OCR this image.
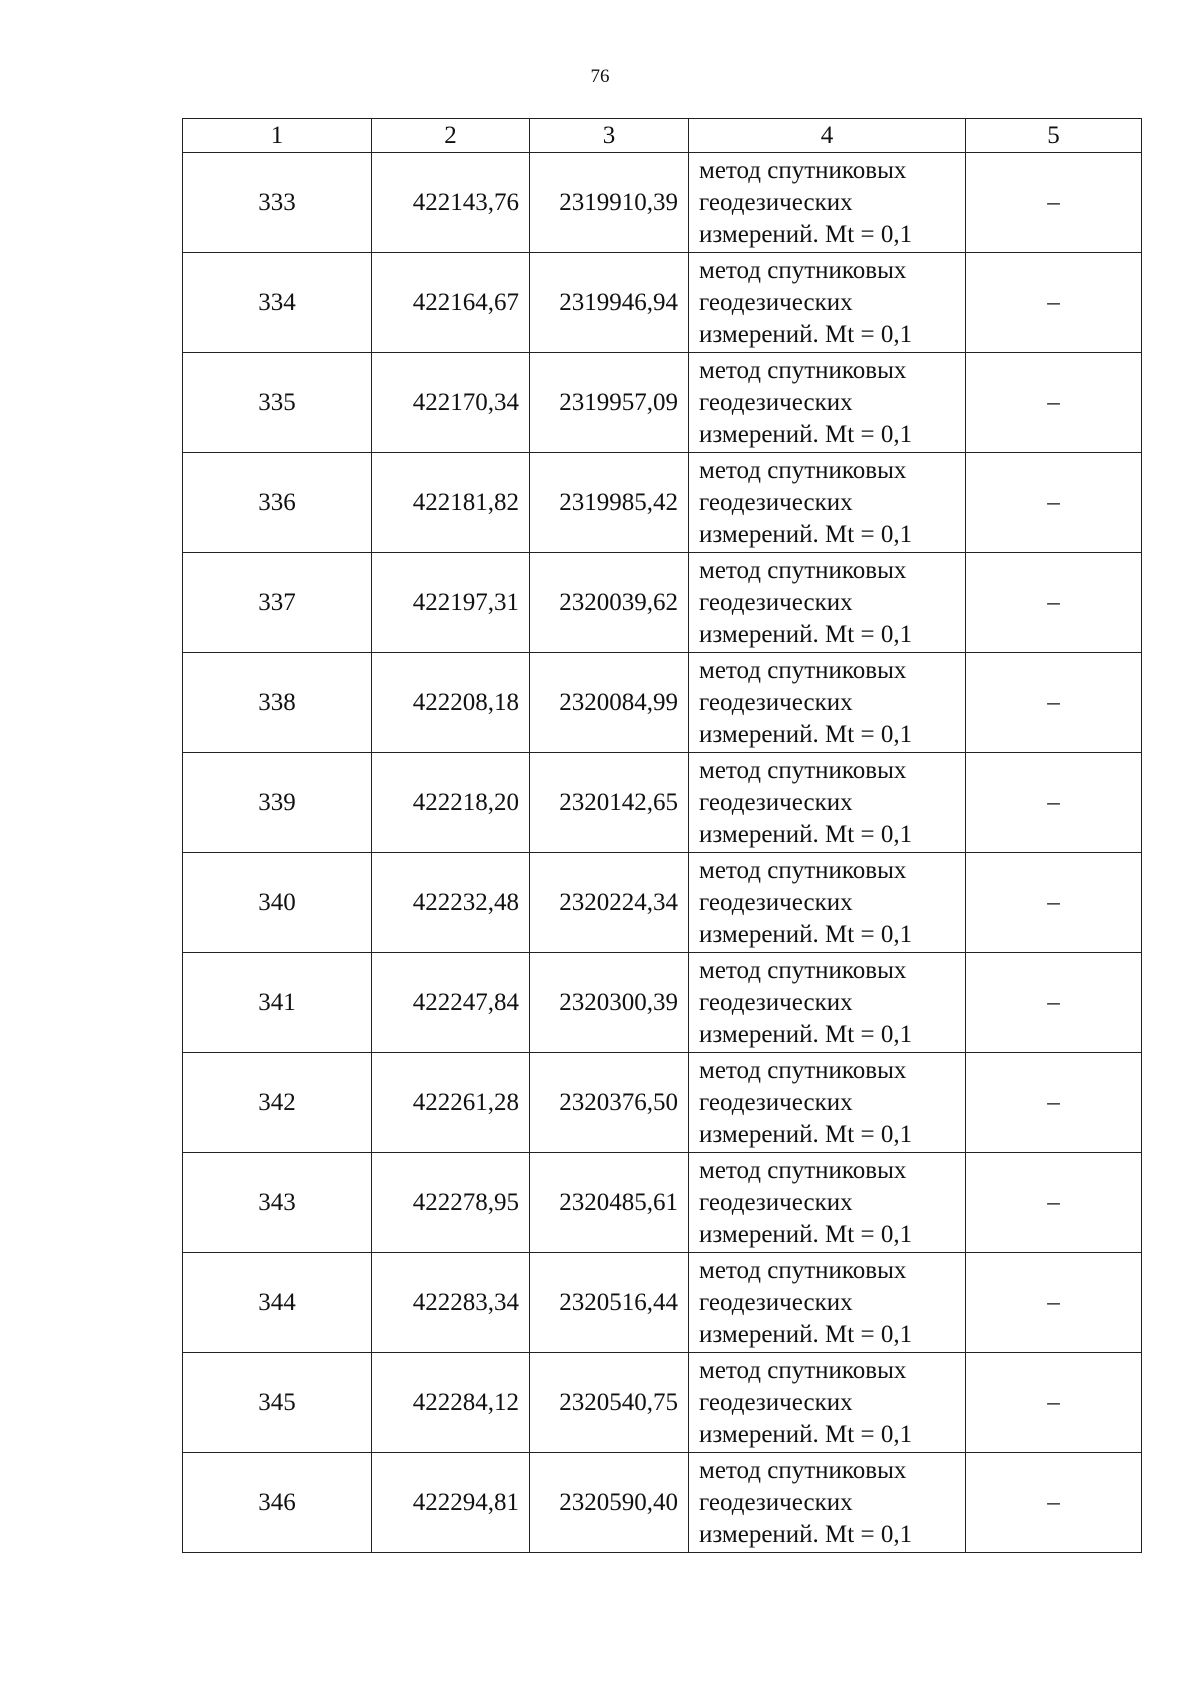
76
1	2	3	4	5
333	422143,76	2319910,39	метод спутниковых
геодезических
измерений. Mt = 0,1	–
334	422164,67	2319946,94	метод спутниковых
геодезических
измерений. Mt = 0,1	–
335	422170,34	2319957,09	метод спутниковых
геодезических
измерений. Mt = 0,1	–
336	422181,82	2319985,42	метод спутниковых
геодезических
измерений. Mt = 0,1	–
337	422197,31	2320039,62	метод спутниковых
геодезических
измерений. Mt = 0,1	–
338	422208,18	2320084,99	метод спутниковых
геодезических
измерений. Mt = 0,1	–
339	422218,20	2320142,65	метод спутниковых
геодезических
измерений. Mt = 0,1	–
340	422232,48	2320224,34	метод спутниковых
геодезических
измерений. Mt = 0,1	–
341	422247,84	2320300,39	метод спутниковых
геодезических
измерений. Mt = 0,1	–
342	422261,28	2320376,50	метод спутниковых
геодезических
измерений. Mt = 0,1	–
343	422278,95	2320485,61	метод спутниковых
геодезических
измерений. Mt = 0,1	–
344	422283,34	2320516,44	метод спутниковых
геодезических
измерений. Mt = 0,1	–
345	422284,12	2320540,75	метод спутниковых
геодезических
измерений. Mt = 0,1	–
346	422294,81	2320590,40	метод спутниковых
геодезических
измерений. Mt = 0,1	–
